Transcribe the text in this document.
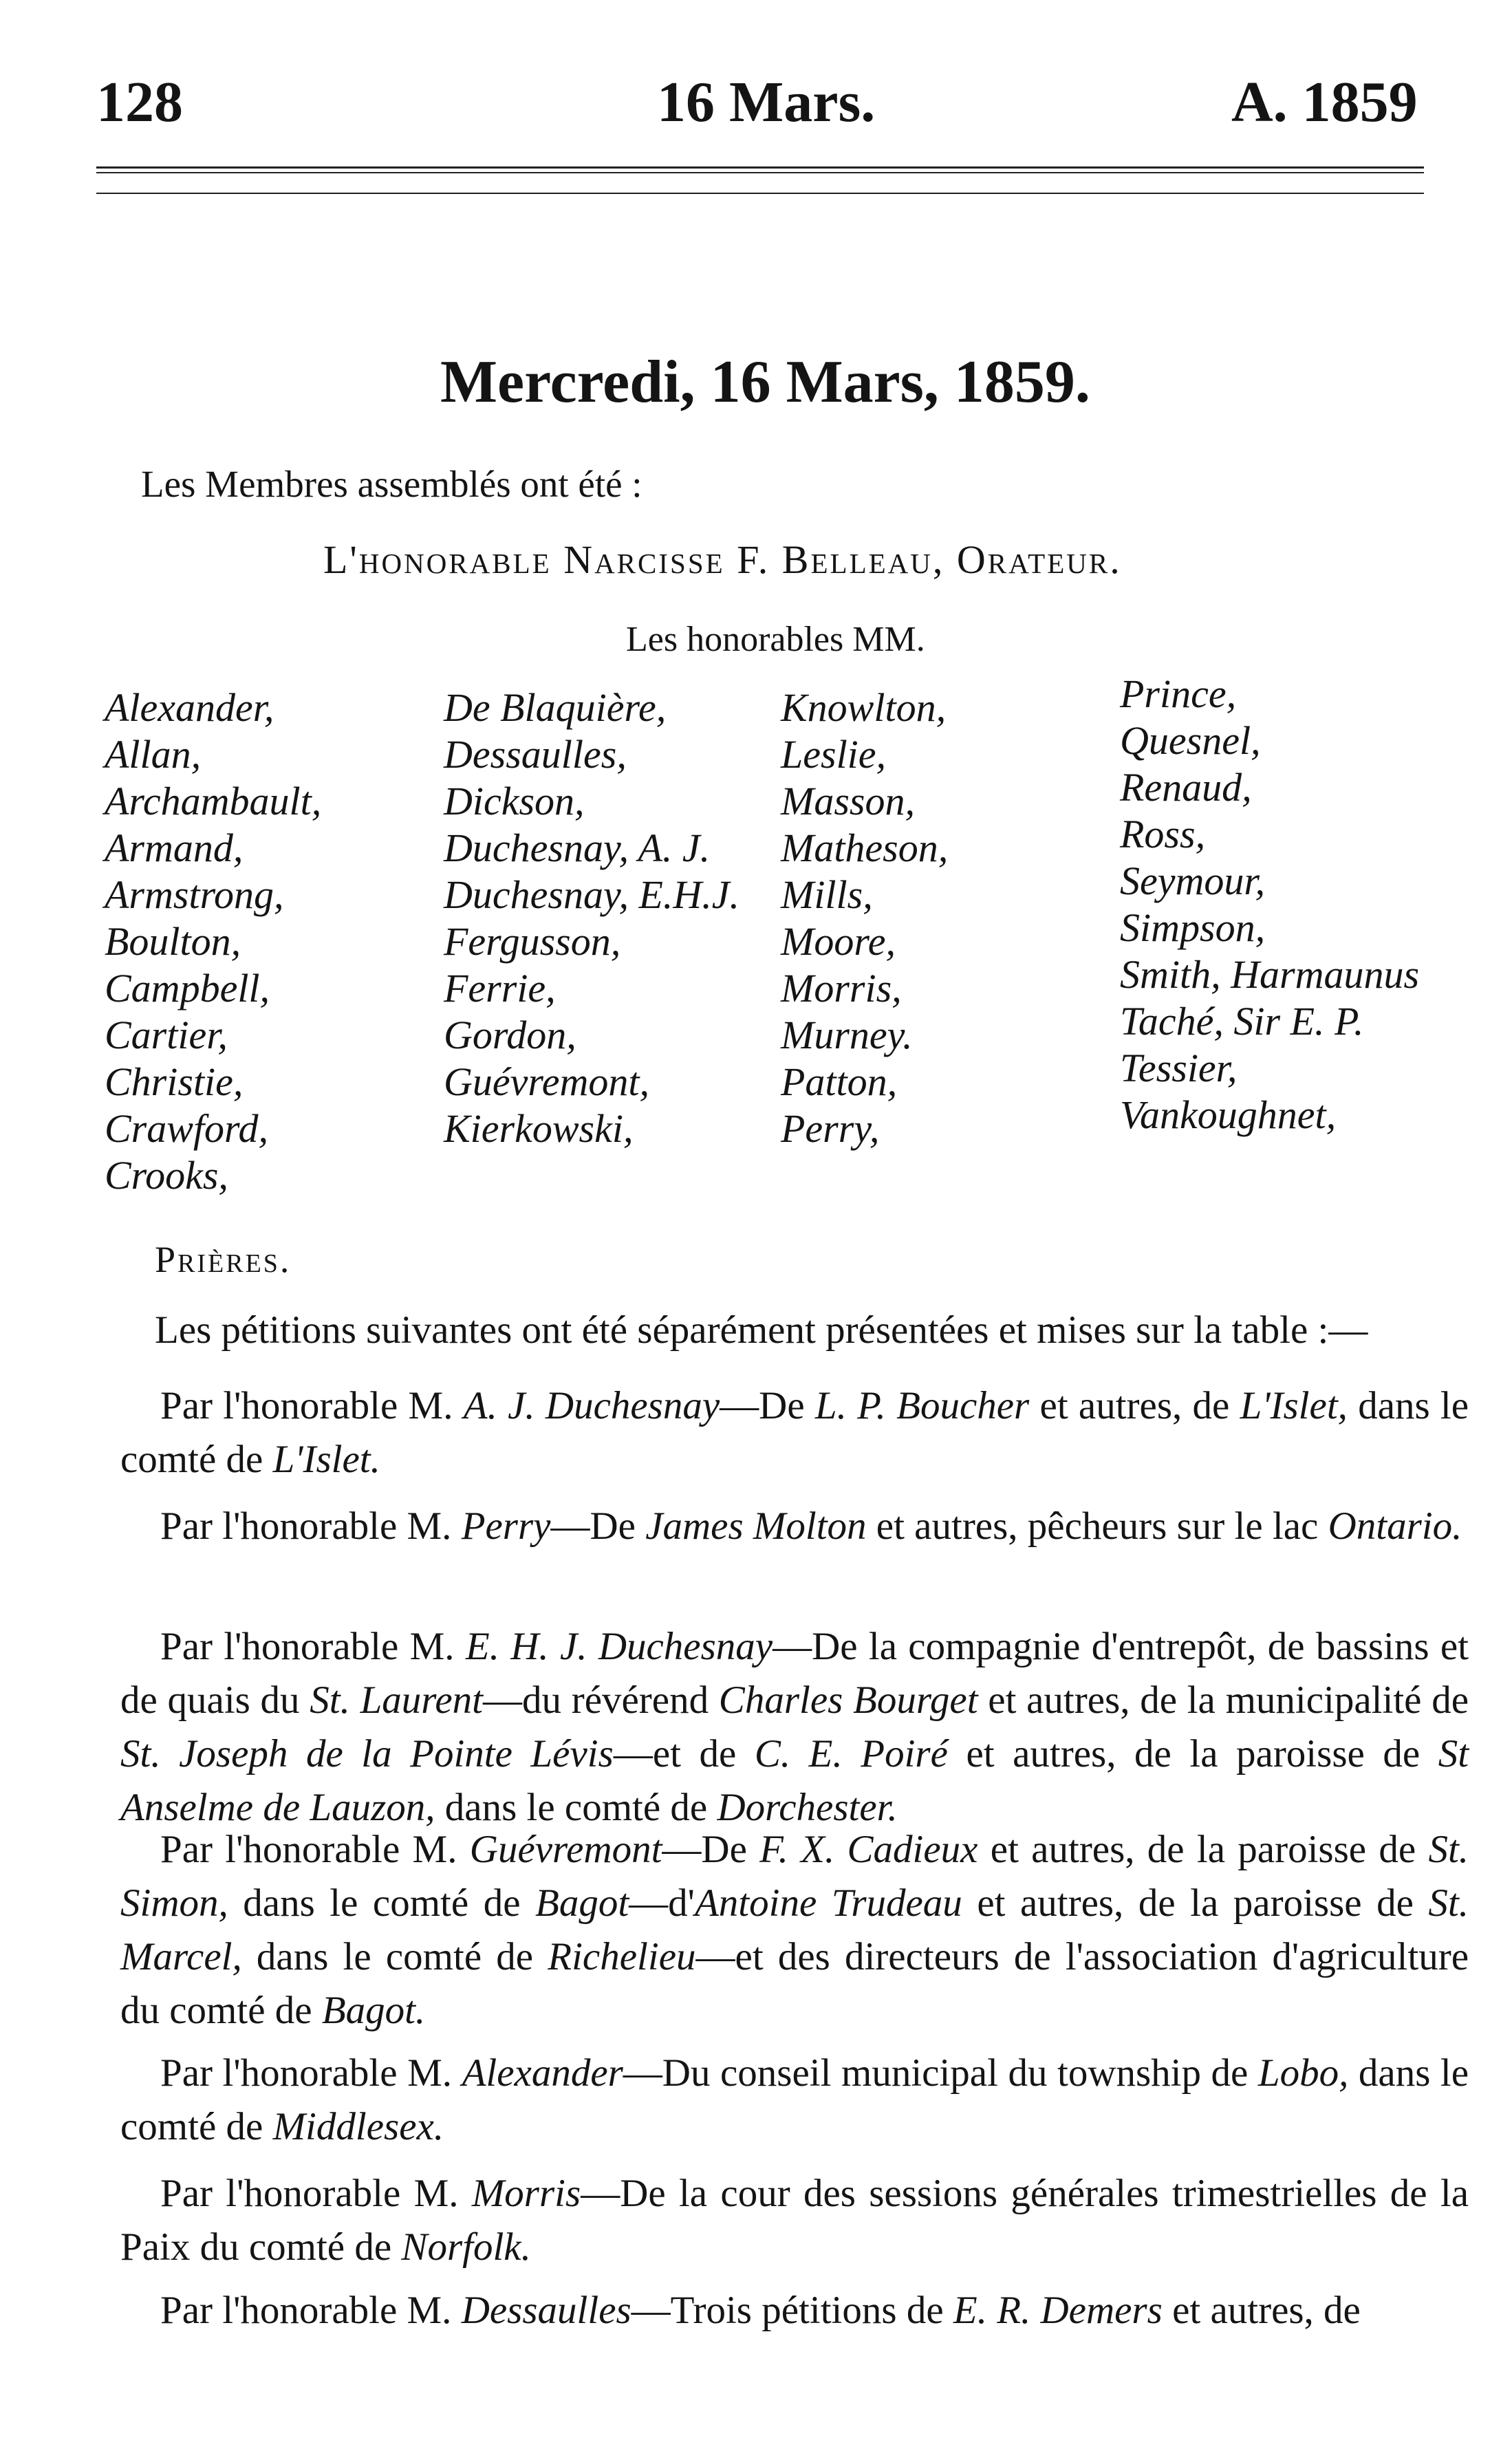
128	16 Mars.	A. 1859
Mercredi, 16 Mars, 1859.
Les Membres assemblés ont été :
L'honorable Narcisse F. Belleau, Orateur.
Les honorables MM.
Alexander,
Allan,
Archambault,
Armand,
Armstrong,
Boulton,
Campbell,
Cartier,
Christie,
Crawford,
Crooks,
De Blaquière,
Dessaulles,
Dickson,
Duchesnay, A. J.
Duchesnay, E.H.J.
Fergusson,
Ferrie,
Gordon,
Guévremont,
Kierkowski,
Knowlton,
Leslie,
Masson,
Matheson,
Mills,
Moore,
Morris,
Murney.
Patton,
Perry,
Prince,
Quesnel,
Renaud,
Ross,
Seymour,
Simpson,
Smith, Harmaunus
Taché, Sir E. P.
Tessier,
Vankoughnet,
Prières.
Les pétitions suivantes ont été séparément présentées et mises sur la table :—
Par l'honorable M. A. J. Duchesnay—De L. P. Boucher et autres, de L'Islet, dans le comté de L'Islet.
Par l'honorable M. Perry—De James Molton et autres, pêcheurs sur le lac Ontario.
Par l'honorable M. E. H. J. Duchesnay—De la compagnie d'entrepôt, de bassins et de quais du St. Laurent—du révérend Charles Bourget et autres, de la municipalité de St. Joseph de la Pointe Lévis—et de C. E. Poiré et autres, de la paroisse de St Anselme de Lauzon, dans le comté de Dorchester.
Par l'honorable M. Guévremont—De F. X. Cadieux et autres, de la paroisse de St. Simon, dans le comté de Bagot—d'Antoine Trudeau et autres, de la paroisse de St. Marcel, dans le comté de Richelieu—et des directeurs de l'association d'agriculture du comté de Bagot.
Par l'honorable M. Alexander—Du conseil municipal du township de Lobo, dans le comté de Middlesex.
Par l'honorable M. Morris—De la cour des sessions générales trimestrielles de la Paix du comté de Norfolk.
Par l'honorable M. Dessaulles—Trois pétitions de E. R. Demers et autres, de
